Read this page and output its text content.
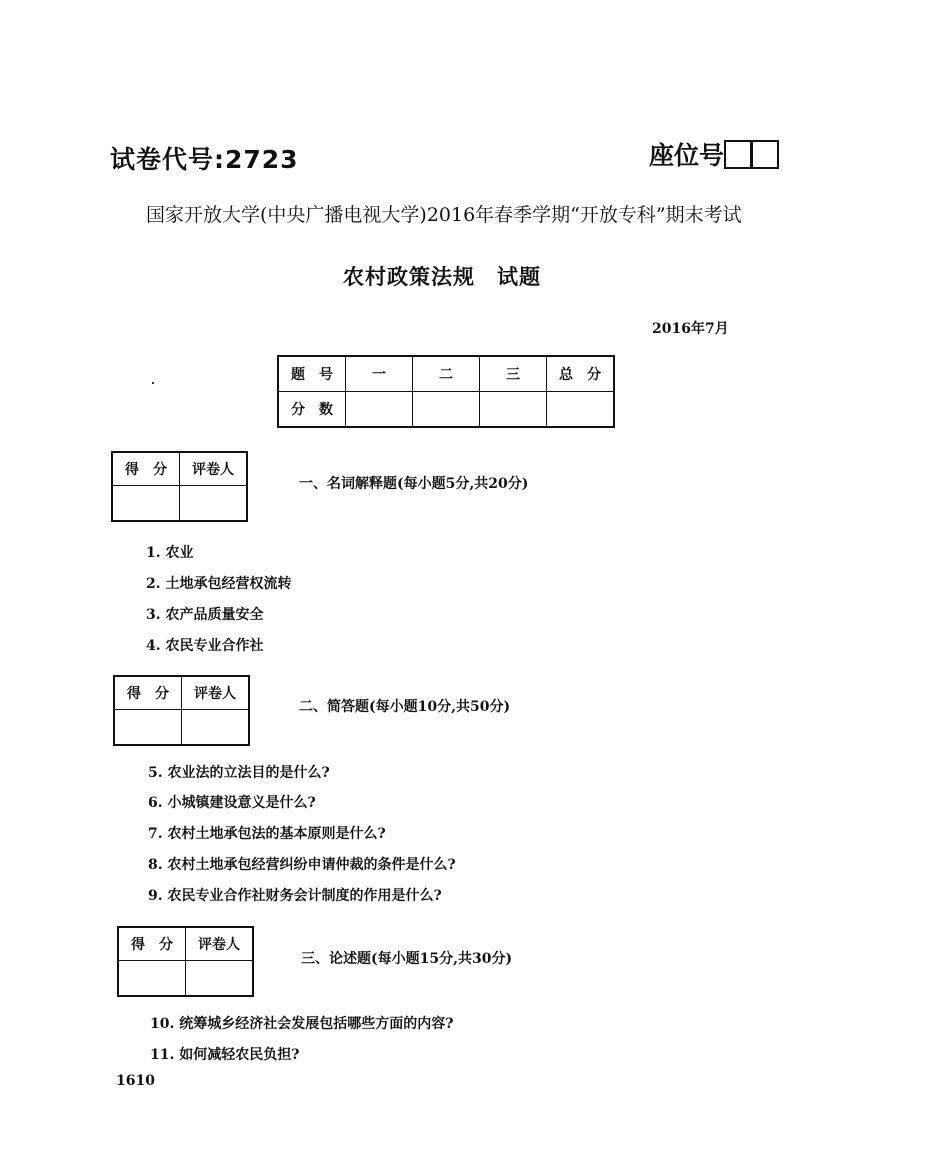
试卷代号:2723	座位号
国家开放大学(中央广播电视大学)2016年春季学期“开放专科”期末考试
农村政策法规　试题
2016年7月
题　号	一	二	三	总　分
分　数				
得　分	评卷人

一、名词解释题(每小题5分,共20分)
1. 农业
2. 土地承包经营权流转
3. 农产品质量安全
4. 农民专业合作社
得　分	评卷人

二、简答题(每小题10分,共50分)
5. 农业法的立法目的是什么?
6. 小城镇建设意义是什么?
7. 农村土地承包法的基本原则是什么?
8. 农村土地承包经营纠纷申请仲裁的条件是什么?
9. 农民专业合作社财务会计制度的作用是什么?
得　分	评卷人

三、论述题(每小题15分,共30分)
10. 统筹城乡经济社会发展包括哪些方面的内容?
11. 如何减轻农民负担?
1610
